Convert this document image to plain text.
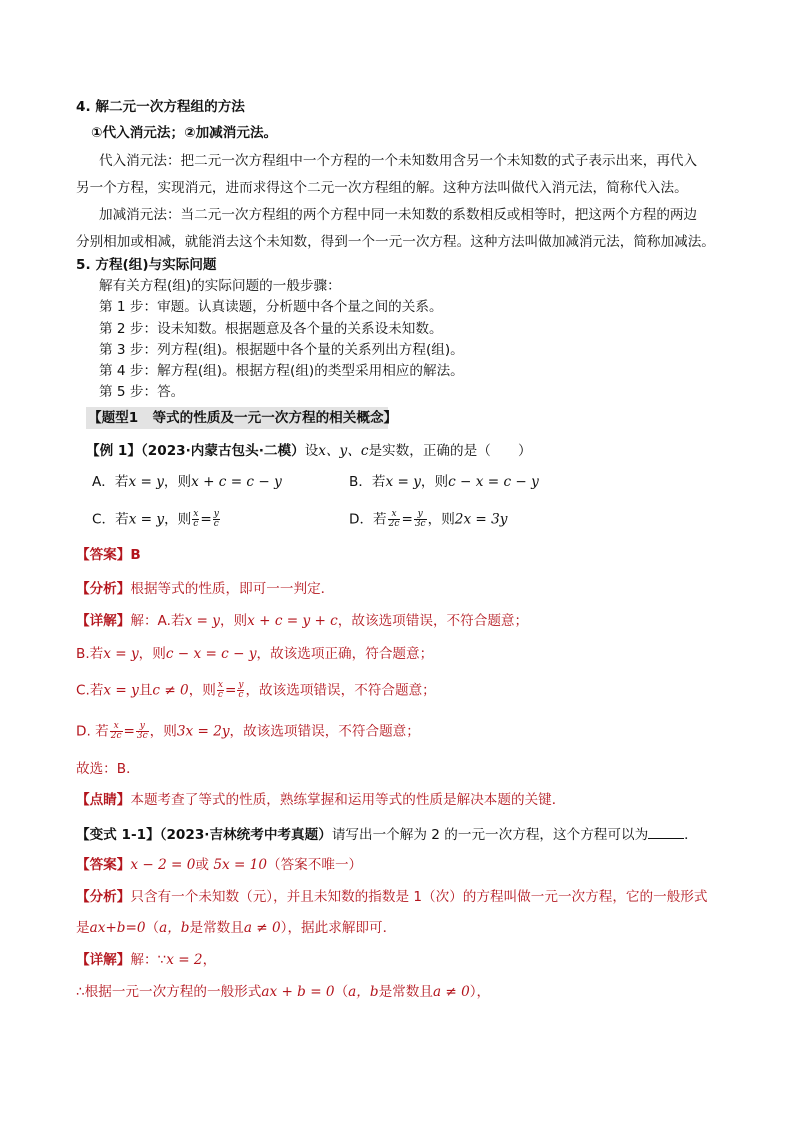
4. 解二元一次方程组的方法
①代入消元法；②加减消元法。
代入消元法：把二元一次方程组中一个方程的一个未知数用含另一个未知数的式子表示出来，再代入
另一个方程，实现消元，进而求得这个二元一次方程组的解。这种方法叫做代入消元法，简称代入法。
加减消元法：当二元一次方程组的两个方程中同一未知数的系数相反或相等时，把这两个方程的两边
分别相加或相减，就能消去这个未知数，得到一个一元一次方程。这种方法叫做加减消元法，简称加减法。
5. 方程(组)与实际问题
解有关方程(组)的实际问题的一般步骤：
第 1 步：审题。认真读题，分析题中各个量之间的关系。
第 2 步：设未知数。根据题意及各个量的关系设未知数。
第 3 步：列方程(组)。根据题中各个量的关系列出方程(组)。
第 4 步：解方程(组)。根据方程(组)的类型采用相应的解法。
第 5 步：答。
【题型1 等式的性质及一元一次方程的相关概念】
【例 1】（2023·内蒙古包头·二模）设x、y、c是实数，正确的是（　　）
A．若x = y，则x + c = c − y	B．若x = y，则c − x = c − y
C．若x = y，则 $\frac{x}{c} = \frac{y}{c}$	D．若 $\frac{x}{2c} = \frac{y}{3c}$ ，则2x = 3y
【答案】B
【分析】根据等式的性质，即可一一判定．
【详解】解：A.若x = y，则x + c = y + c，故该选项错误，不符合题意；
B.若x = y，则c − x = c − y，故该选项正确，符合题意；
C.若x = y且c ≠ 0，则 $\frac{x}{c} = \frac{y}{c}$ ，故该选项错误，不符合题意；
D. 若 $\frac{x}{2c} = \frac{y}{3c}$ ，则3x = 2y，故该选项错误，不符合题意；
故选：B．
【点睛】本题考查了等式的性质，熟练掌握和运用等式的性质是解决本题的关键．
【变式 1-1】（2023·吉林统考中考真题）请写出一个解为 2 的一元一次方程，这个方程可以为	．
【答案】x − 2 = 0或 5x = 10（答案不唯一）
【分析】只含有一个未知数（元），并且未知数的指数是 1（次）的方程叫做一元一次方程，它的一般形式
是ax+b=0（a，b是常数且a ≠ 0），据此求解即可．
【详解】解：∵x = 2，
∴根据一元一次方程的一般形式ax + b = 0（a，b是常数且a ≠ 0），
